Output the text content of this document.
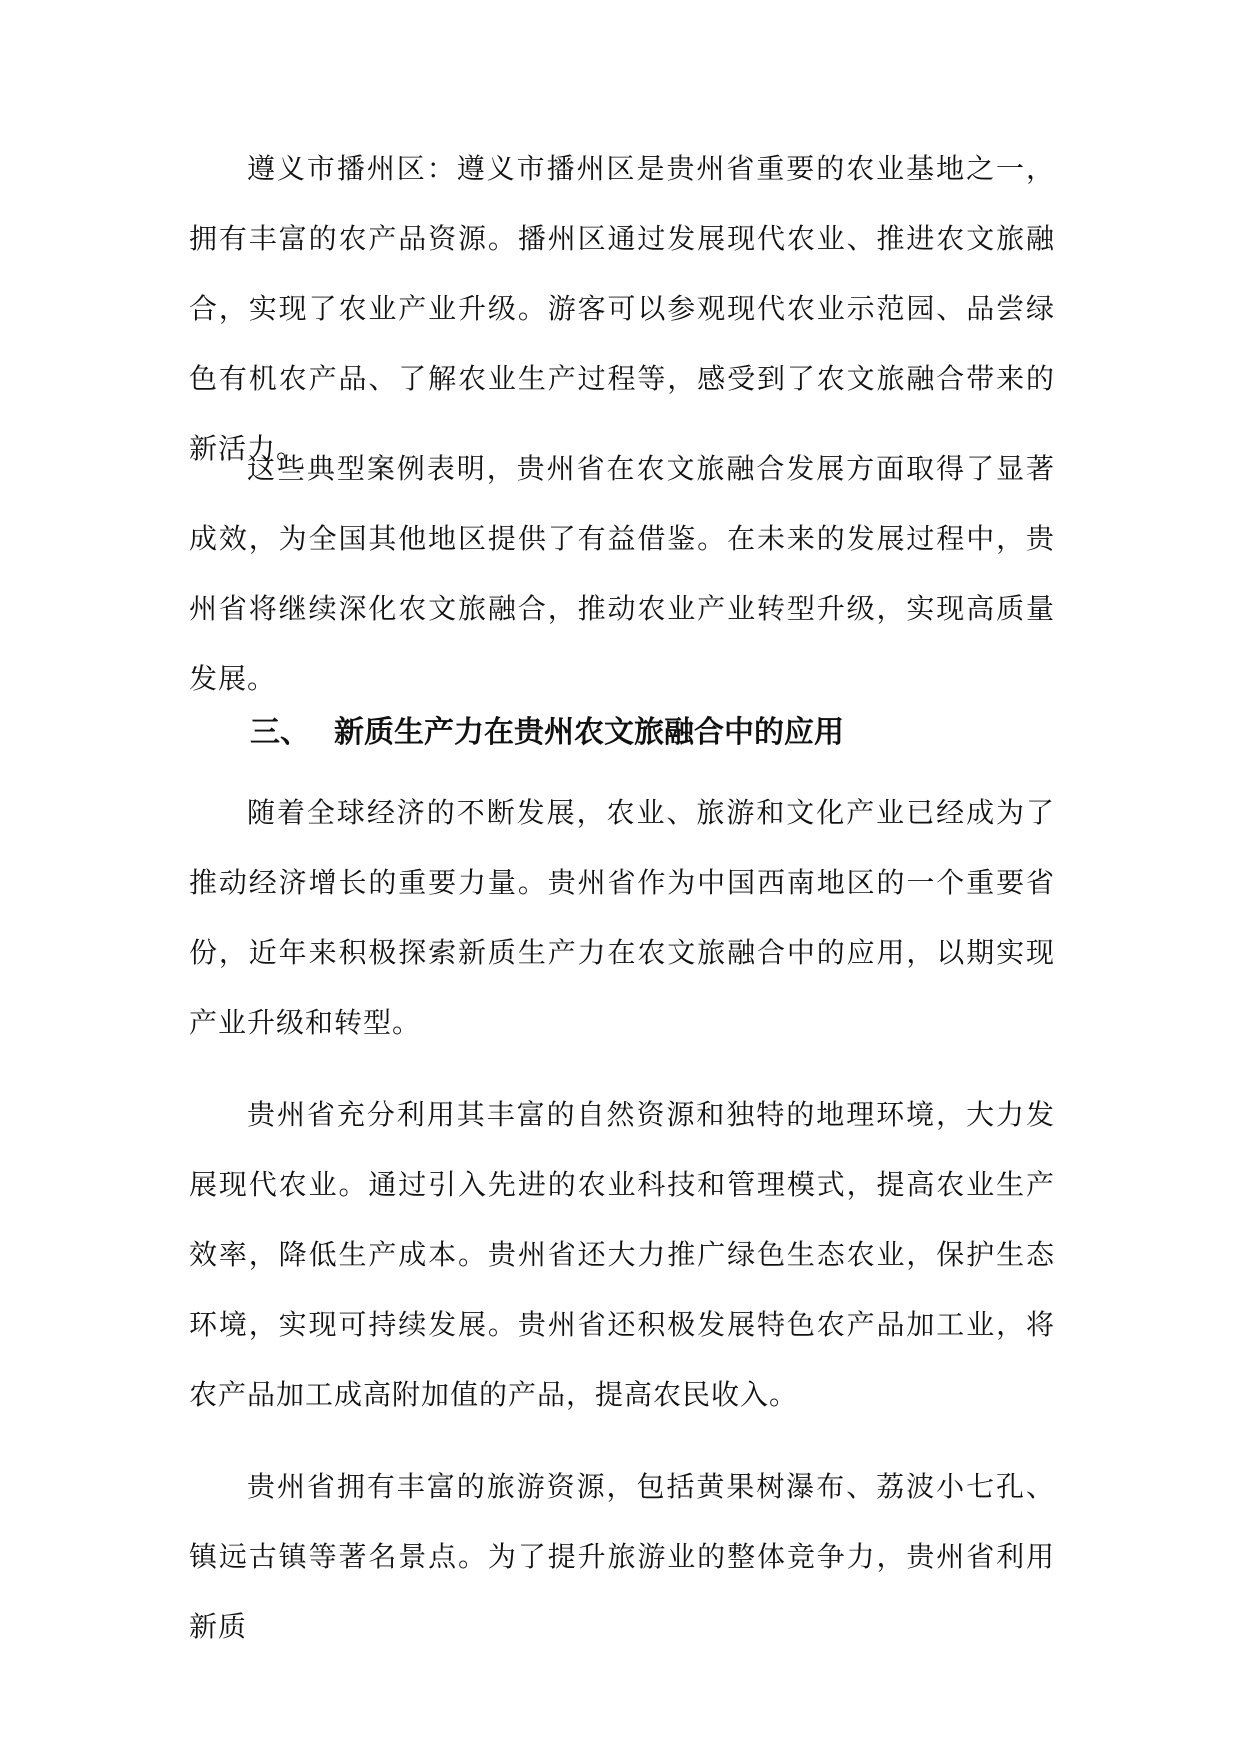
遵义市播州区：遵义市播州区是贵州省重要的农业基地之一，拥有丰富的农产品资源。播州区通过发展现代农业、推进农文旅融合，实现了农业产业升级。游客可以参观现代农业示范园、品尝绿色有机农产品、了解农业生产过程等，感受到了农文旅融合带来的新活力。

这些典型案例表明，贵州省在农文旅融合发展方面取得了显著成效，为全国其他地区提供了有益借鉴。在未来的发展过程中，贵州省将继续深化农文旅融合，推动农业产业转型升级，实现高质量发展。

三、 新质生产力在贵州农文旅融合中的应用

随着全球经济的不断发展，农业、旅游和文化产业已经成为了推动经济增长的重要力量。贵州省作为中国西南地区的一个重要省份，近年来积极探索新质生产力在农文旅融合中的应用，以期实现产业升级和转型。

贵州省充分利用其丰富的自然资源和独特的地理环境，大力发展现代农业。通过引入先进的农业科技和管理模式，提高农业生产效率，降低生产成本。贵州省还大力推广绿色生态农业，保护生态环境，实现可持续发展。贵州省还积极发展特色农产品加工业，将农产品加工成高附加值的产品，提高农民收入。

贵州省拥有丰富的旅游资源，包括黄果树瀑布、荔波小七孔、镇远古镇等著名景点。为了提升旅游业的整体竞争力，贵州省利用新质
